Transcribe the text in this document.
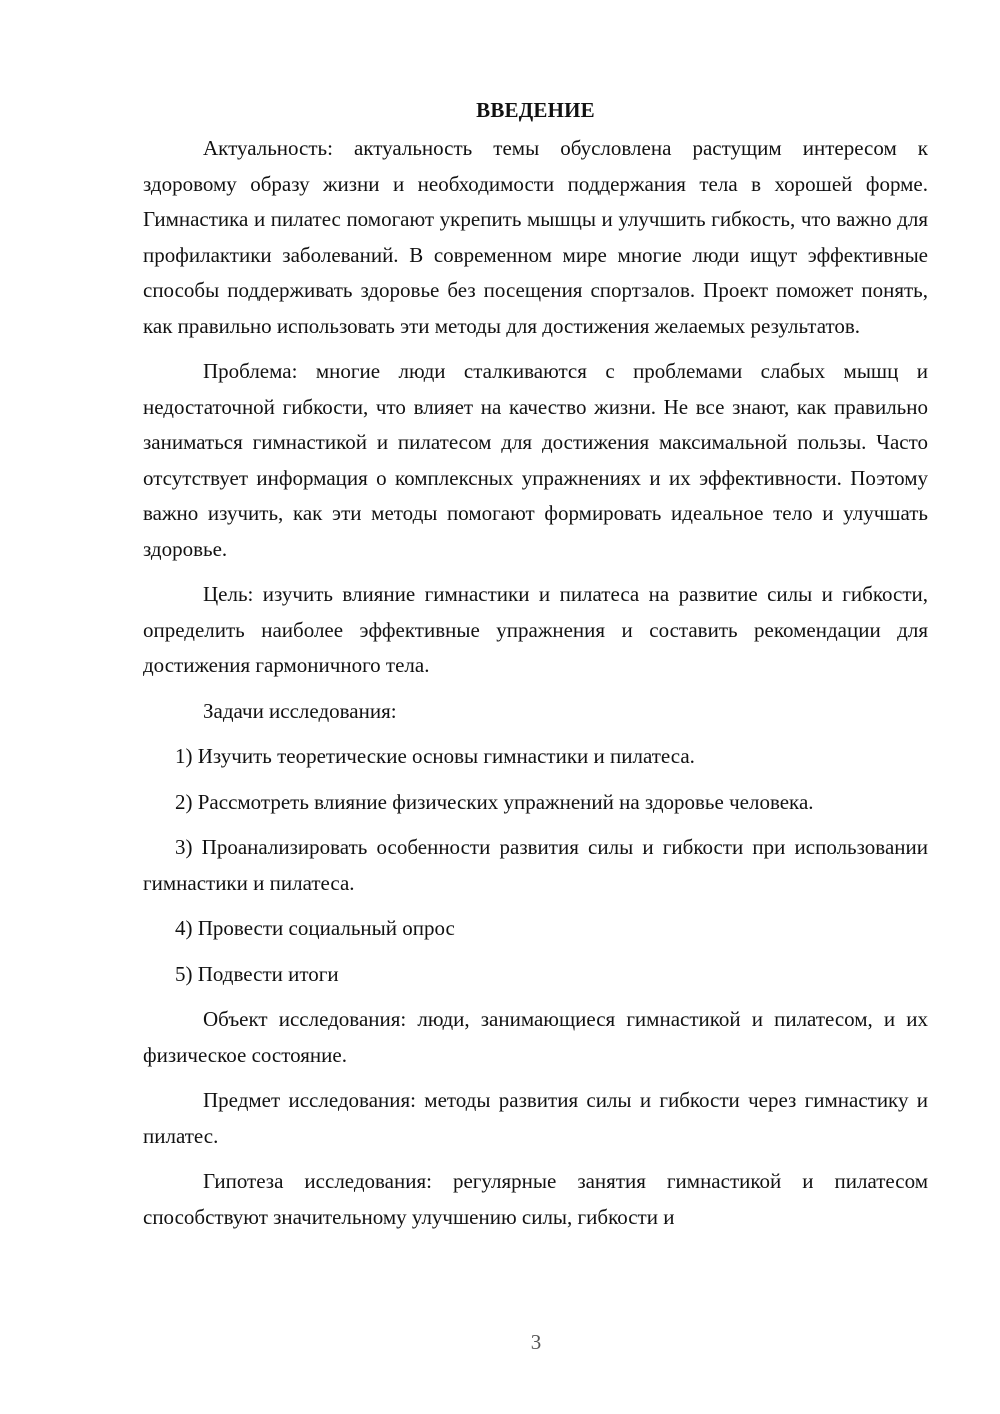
ВВЕДЕНИЕ

Актуальность: актуальность темы обусловлена растущим интересом к здоровому образу жизни и необходимости поддержания тела в хорошей форме. Гимнастика и пилатес помогают укрепить мышцы и улучшить гибкость, что важно для профилактики заболеваний. В современном мире многие люди ищут эффективные способы поддерживать здоровье без посещения спортзалов. Проект поможет понять, как правильно использовать эти методы для достижения желаемых результатов.

Проблема: многие люди сталкиваются с проблемами слабых мышц и недостаточной гибкости, что влияет на качество жизни. Не все знают, как правильно заниматься гимнастикой и пилатесом для достижения максимальной пользы. Часто отсутствует информация о комплексных упражнениях и их эффективности. Поэтому важно изучить, как эти методы помогают формировать идеальное тело и улучшать здоровье.

Цель: изучить влияние гимнастики и пилатеса на развитие силы и гибкости, определить наиболее эффективные упражнения и составить рекомендации для достижения гармоничного тела.

Задачи исследования:

1) Изучить теоретические основы гимнастики и пилатеса.

2) Рассмотреть влияние физических упражнений на здоровье человека.

3) Проанализировать особенности развития силы и гибкости при использовании гимнастики и пилатеса.

4) Провести социальный опрос

5) Подвести итоги

Объект исследования: люди, занимающиеся гимнастикой и пилатесом, и их физическое состояние.

Предмет исследования: методы развития силы и гибкости через гимнастику и пилатес.

Гипотеза исследования: регулярные занятия гимнастикой и пилатесом способствуют значительному улучшению силы, гибкости и

3
